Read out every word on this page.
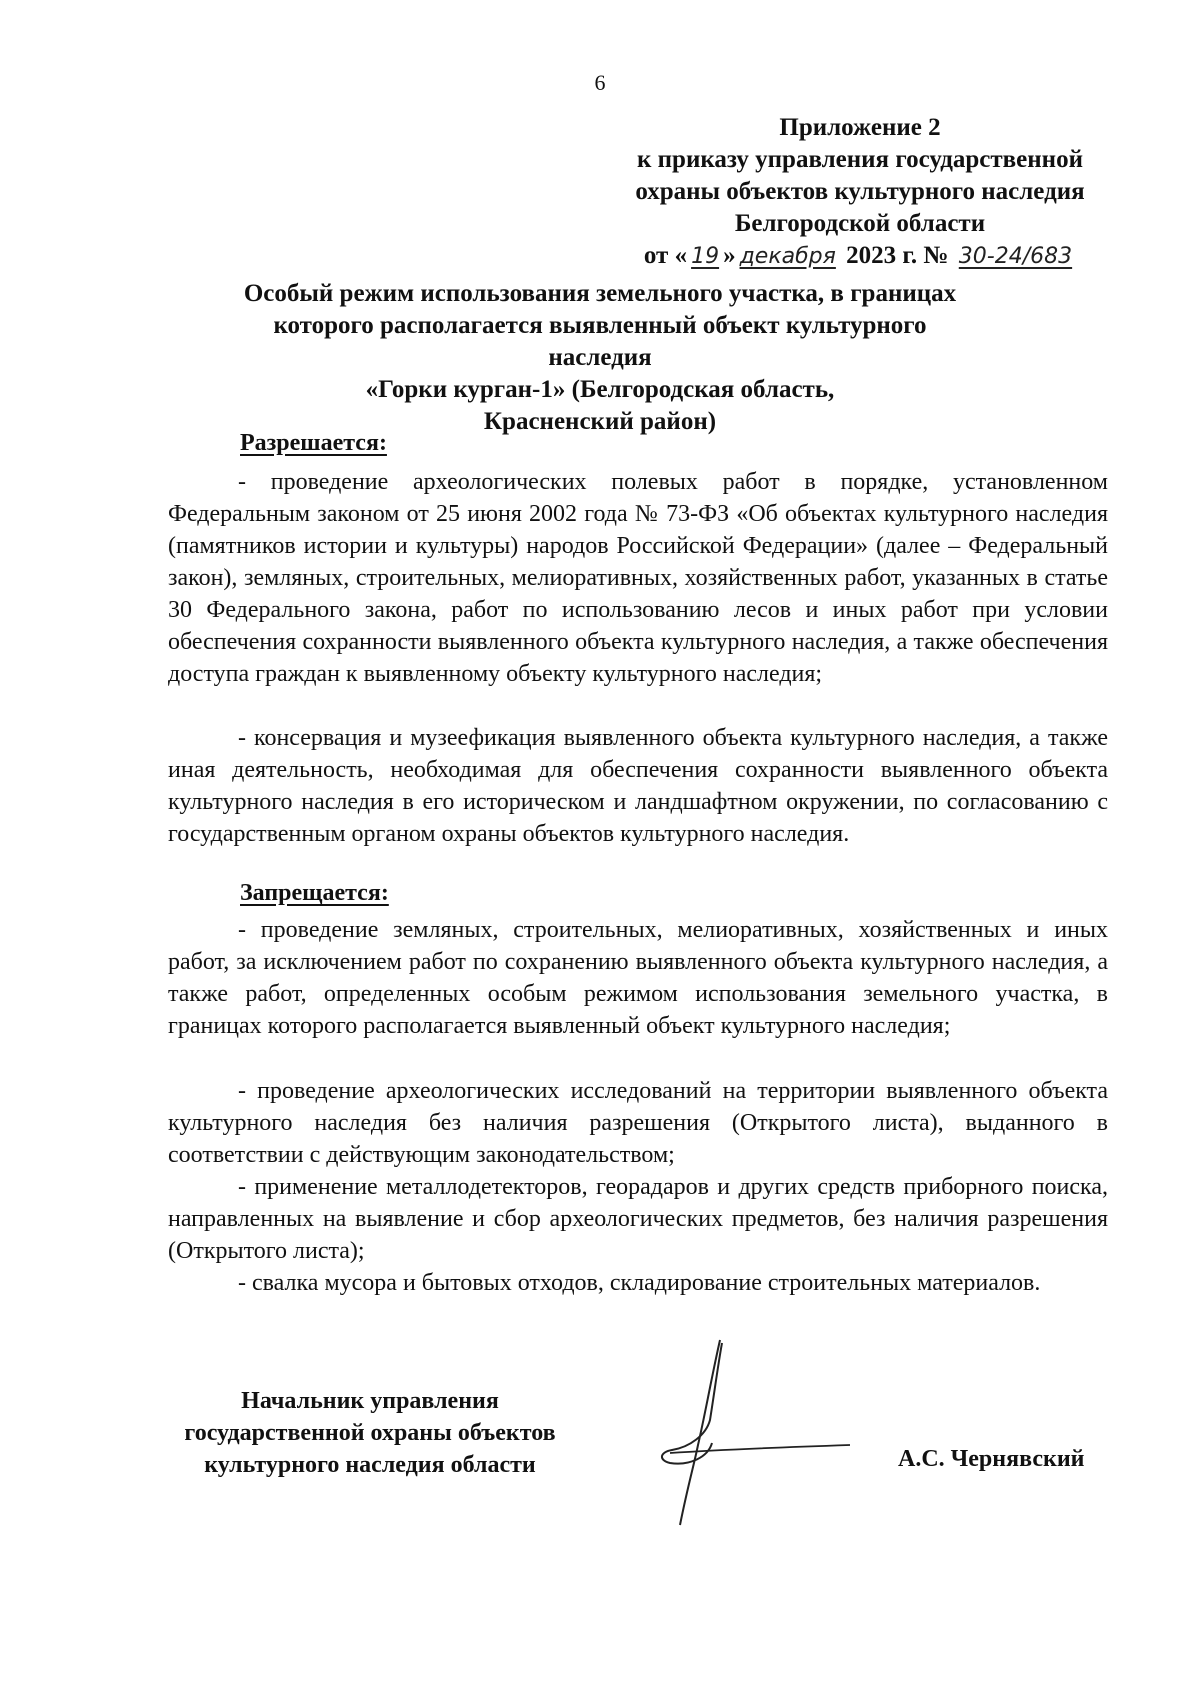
6
Приложение 2
к приказу управления государственной
охраны объектов культурного наследия
Белгородской области
от « 19 » декабря 2023 г. № 30-24/683
Особый режим использования земельного участка, в границах
которого располагается выявленный объект культурного наследия
«Горки курган-1» (Белгородская область,
Красненский район)
Разрешается:

- проведение археологических полевых работ в порядке, установленном Федеральным законом от 25 июня 2002 года № 73-ФЗ «Об объектах культурного наследия (памятников истории и культуры) народов Российской Федерации» (далее – Федеральный закон), земляных, строительных, мелиоративных, хозяйственных работ, указанных в статье 30 Федерального закона, работ по использованию лесов и иных работ при условии обеспечения сохранности выявленного объекта культурного наследия, а также обеспечения доступа граждан к выявленному объекту культурного наследия;

- консервация и музеефикация выявленного объекта культурного наследия, а также иная деятельность, необходимая для обеспечения сохранности выявленного объекта культурного наследия в его историческом и ландшафтном окружении, по согласованию с государственным органом охраны объектов культурного наследия.

Запрещается:

- проведение земляных, строительных, мелиоративных, хозяйственных и иных работ, за исключением работ по сохранению выявленного объекта культурного наследия, а также работ, определенных особым режимом использования земельного участка, в границах которого располагается выявленный объект культурного наследия;

- проведение археологических исследований на территории выявленного объекта культурного наследия без наличия разрешения (Открытого листа), выданного в соответствии с действующим законодательством;

- применение металлодетекторов, георадаров и других средств приборного поиска, направленных на выявление и сбор археологических предметов, без наличия разрешения (Открытого листа);

- свалка мусора и бытовых отходов, складирование строительных материалов.

Начальник управления
государственной охраны объектов
культурного наследия области	А.С. Чернявский
